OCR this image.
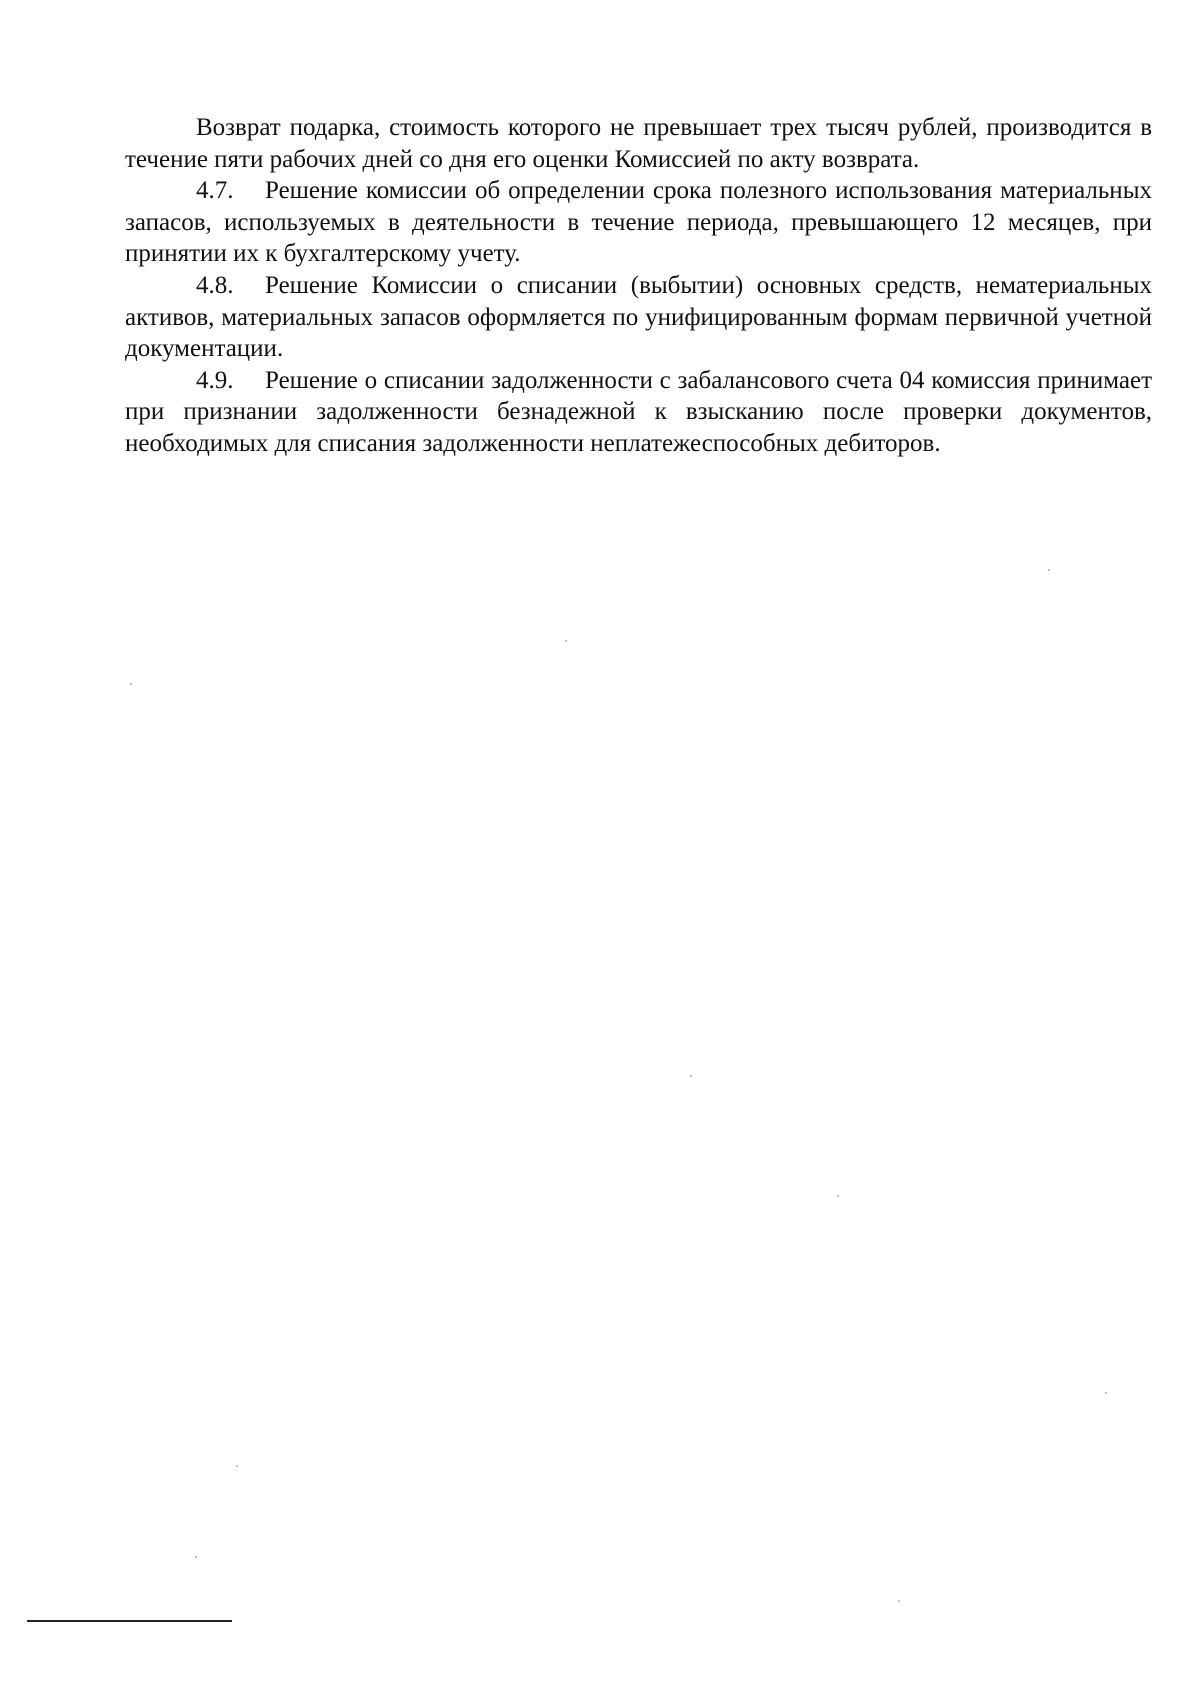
Возврат подарка, стоимость которого не превышает трех тысяч рублей, производится в течение пяти рабочих дней со дня его оценки Комиссией по акту возврата.

4.7. Решение комиссии об определении срока полезного использования материальных запасов, используемых в деятельности в течение периода, превышающего 12 месяцев, при принятии их к бухгалтерскому учету.

4.8. Решение Комиссии о списании (выбытии) основных средств, нематериальных активов, материальных запасов оформляется по унифицированным формам первичной учетной документации.

4.9. Решение о списании задолженности с забалансового счета 04 комиссия принимает при признании задолженности безнадежной к взысканию после проверки документов, необходимых для списания задолженности неплатежеспособных дебиторов.
